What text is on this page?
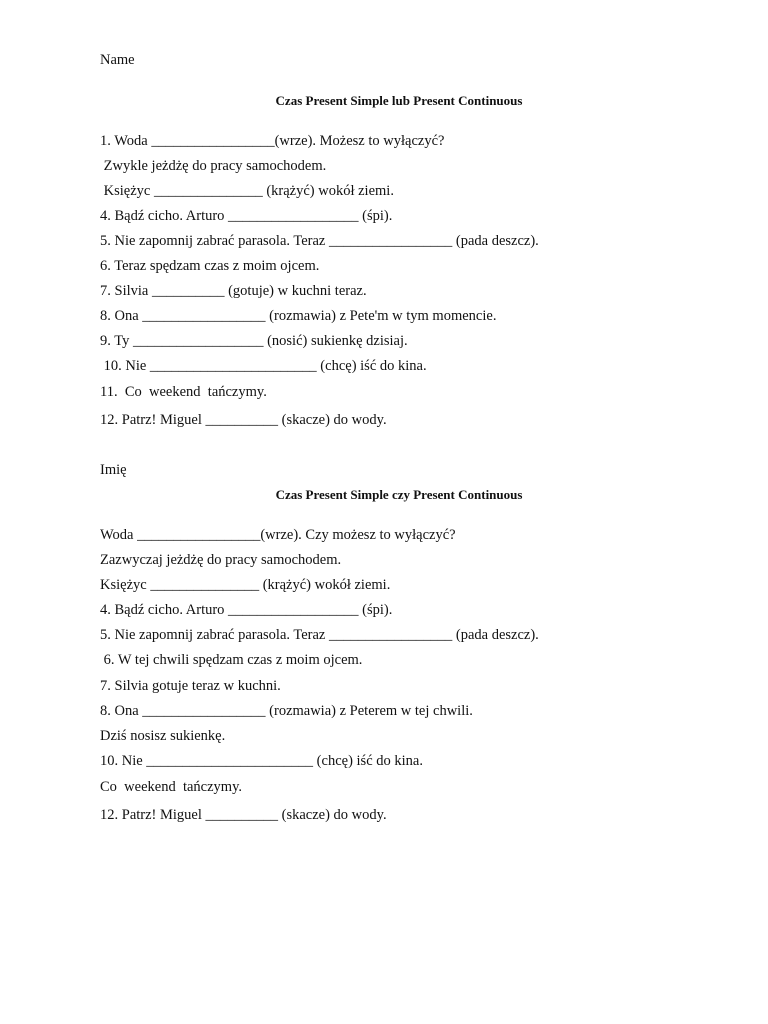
Name
Czas Present Simple lub Present Continuous
1. Woda _________________(wrze). Możesz to wyłączyć?
Zwykle jeżdżę do pracy samochodem.
Księżyc _______________ (krążyć) wokół ziemi.
4. Bądź cicho. Arturo __________________ (śpi).
5. Nie zapomnij zabrać parasola. Teraz _________________ (pada deszcz).
6. Teraz spędzam czas z moim ojcem.
7. Silvia __________ (gotuje) w kuchni teraz.
8. Ona _________________ (rozmawia) z Pete'm w tym momencie.
9. Ty __________________ (nosić) sukienkę dzisiaj.
10. Nie _______________________ (chcę) iść do kina.
11.  Co  weekend  tańczymy.
12. Patrz! Miguel __________ (skacze) do wody.
Imię
Czas Present Simple czy Present Continuous
Woda _________________(wrze). Czy możesz to wyłączyć?
Zazwyczaj jeżdżę do pracy samochodem.
Księżyc _______________ (krążyć) wokół ziemi.
4. Bądź cicho. Arturo __________________ (śpi).
5. Nie zapomnij zabrać parasola. Teraz _________________ (pada deszcz).
6. W tej chwili spędzam czas z moim ojcem.
7. Silvia gotuje teraz w kuchni.
8. Ona _________________ (rozmawia) z Peterem w tej chwili.
Dziś nosisz sukienkę.
10. Nie _______________________ (chcę) iść do kina.
Co  weekend  tańczymy.
12. Patrz! Miguel __________ (skacze) do wody.
